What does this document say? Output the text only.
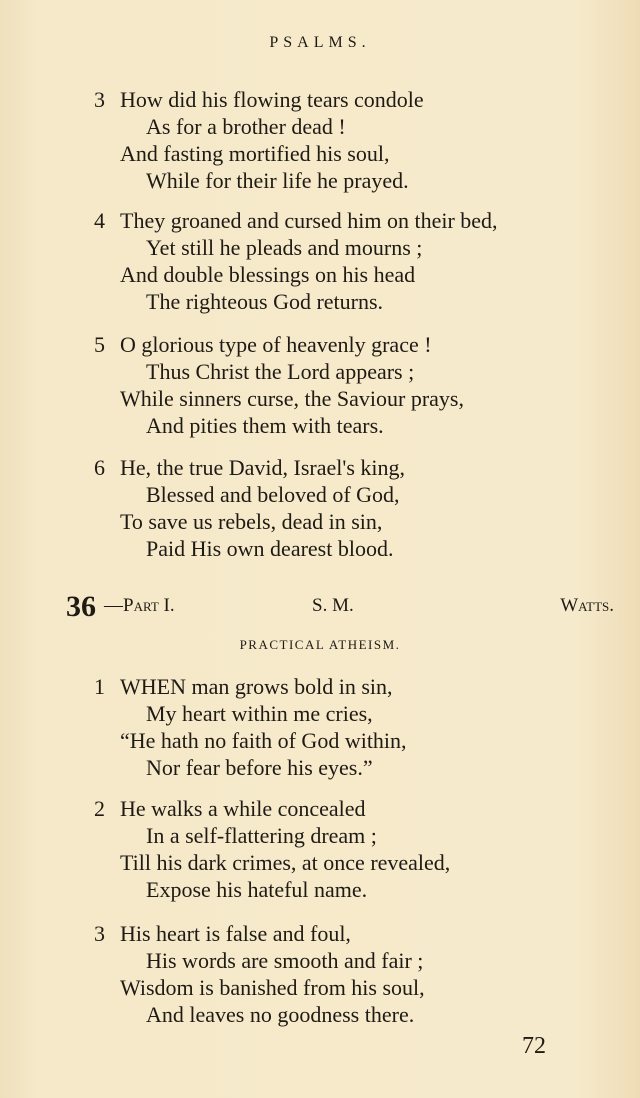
PSALMS.
3 How did his flowing tears condole
As for a brother dead !
And fasting mortified his soul,
While for their life he prayed.
4 They groaned and cursed him on their bed,
Yet still he pleads and mourns ;
And double blessings on his head
The righteous God returns.
5 O glorious type of heavenly grace !
Thus Christ the Lord appears ;
While sinners curse, the Saviour prays,
And pities them with tears.
6 He, the true David, Israel's king,
Blessed and beloved of God,
To save us rebels, dead in sin,
Paid His own dearest blood.
36 —Part I.	S. M.	Watts.
PRACTICAL ATHEISM.
1 WHEN man grows bold in sin,
My heart within me cries,
“He hath no faith of God within,
Nor fear before his eyes.”
2 He walks a while concealed
In a self-flattering dream ;
Till his dark crimes, at once revealed,
Expose his hateful name.
3 His heart is false and foul,
His words are smooth and fair ;
Wisdom is banished from his soul,
And leaves no goodness there.
72
